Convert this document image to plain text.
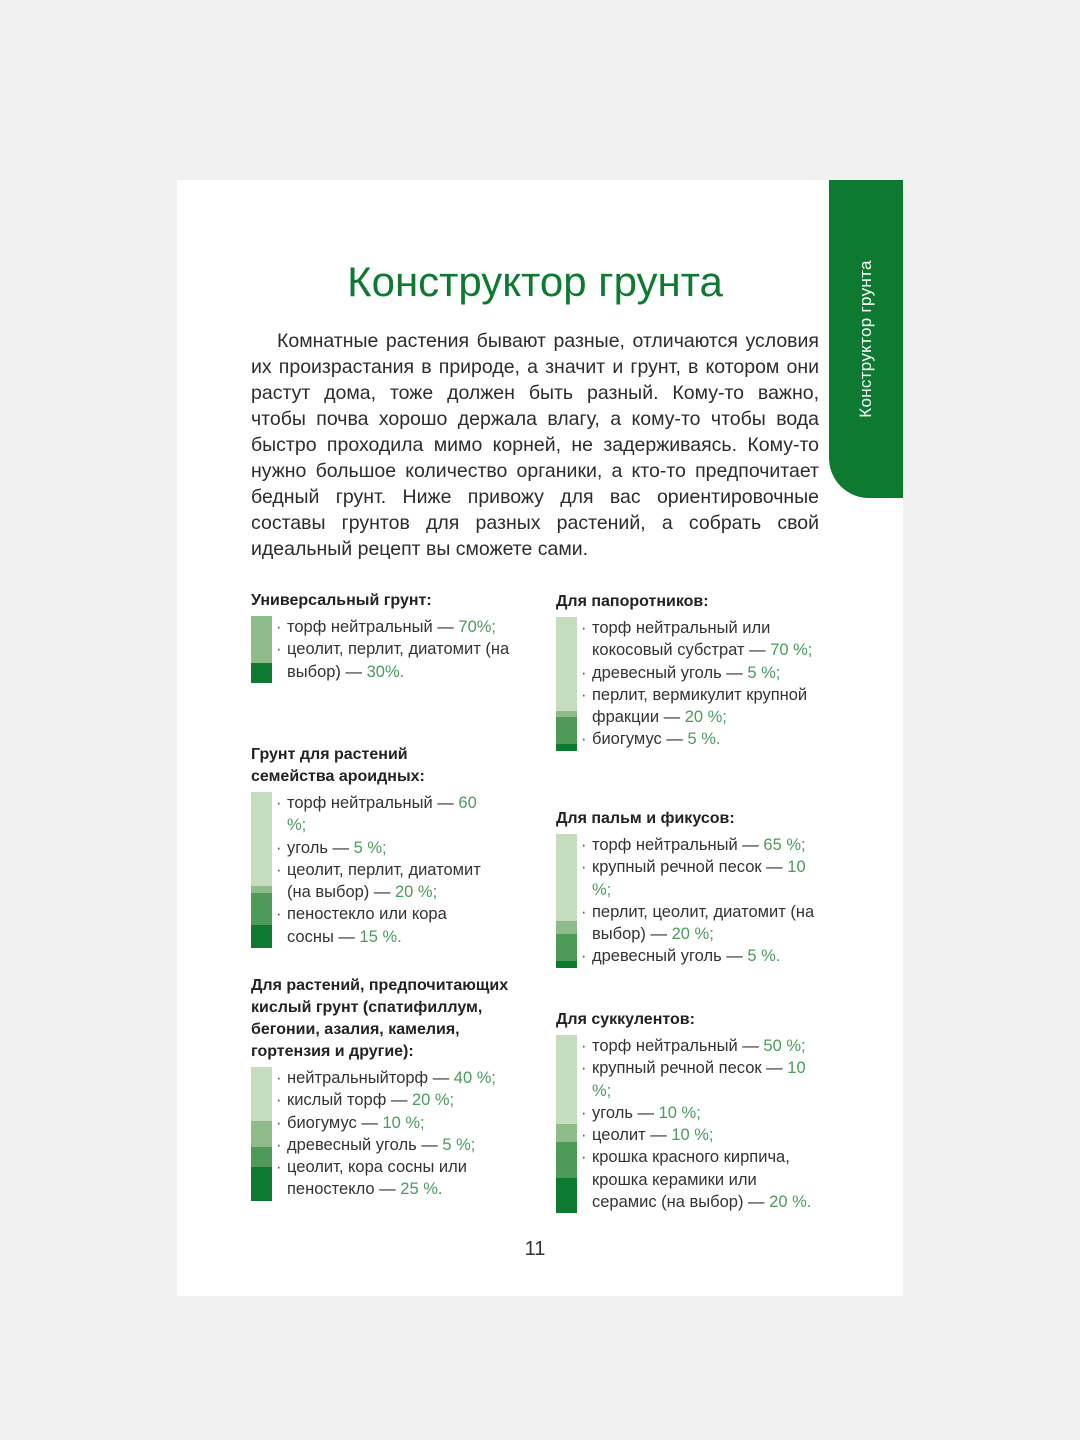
Конструктор грунта
Конструктор грунта

Комнатные растения бывают разные, отличаются условия их произрастания в природе, а значит и грунт, в котором они растут дома, тоже должен быть разный. Кому-то важно, чтобы почва хорошо держала влагу, а кому-то чтобы вода быстро проходила мимо корней, не задерживаясь. Кому-то нужно большое количество органики, а кто-то предпочитает бедный грунт. Ниже привожу для вас ориентировочные составы грунтов для разных растений, а собрать свой идеальный рецепт вы сможете сами.

Универсальный грунт:
· торф нейтральный — 70%;
· цеолит, перлит, диатомит (на выбор) — 30%.
Грунт для растений семейства ароидных:
· торф нейтральный — 60 %;
· уголь — 5 %;
· цеолит, перлит, диатомит (на выбор) — 20 %;
· пеностекло или кора сосны — 15 %.
Для растений, предпочитающих кислый грунт (спатифиллум, бегонии, азалия, камелия, гортензия и другие):
· нейтральныйторф — 40 %;
· кислый торф — 20 %;
· биогумус — 10 %;
· древесный уголь — 5 %;
· цеолит, кора сосны или пеностекло — 25 %.
Для папоротников:
· торф нейтральный или кокосовый субстрат — 70 %;
· древесный уголь — 5 %;
· перлит, вермикулит крупной фракции — 20 %;
· биогумус — 5 %.
Для пальм и фикусов:
· торф нейтральный — 65 %;
· крупный речной песок — 10 %;
· перлит, цеолит, диатомит (на выбор) — 20 %;
· древесный уголь — 5 %.
Для суккулентов:
· торф нейтральный — 50 %;
· крупный речной песок — 10 %;
· уголь — 10 %;
· цеолит — 10 %;
· крошка красного кирпича, крошка керамики или серамис (на выбор) — 20 %.
11
